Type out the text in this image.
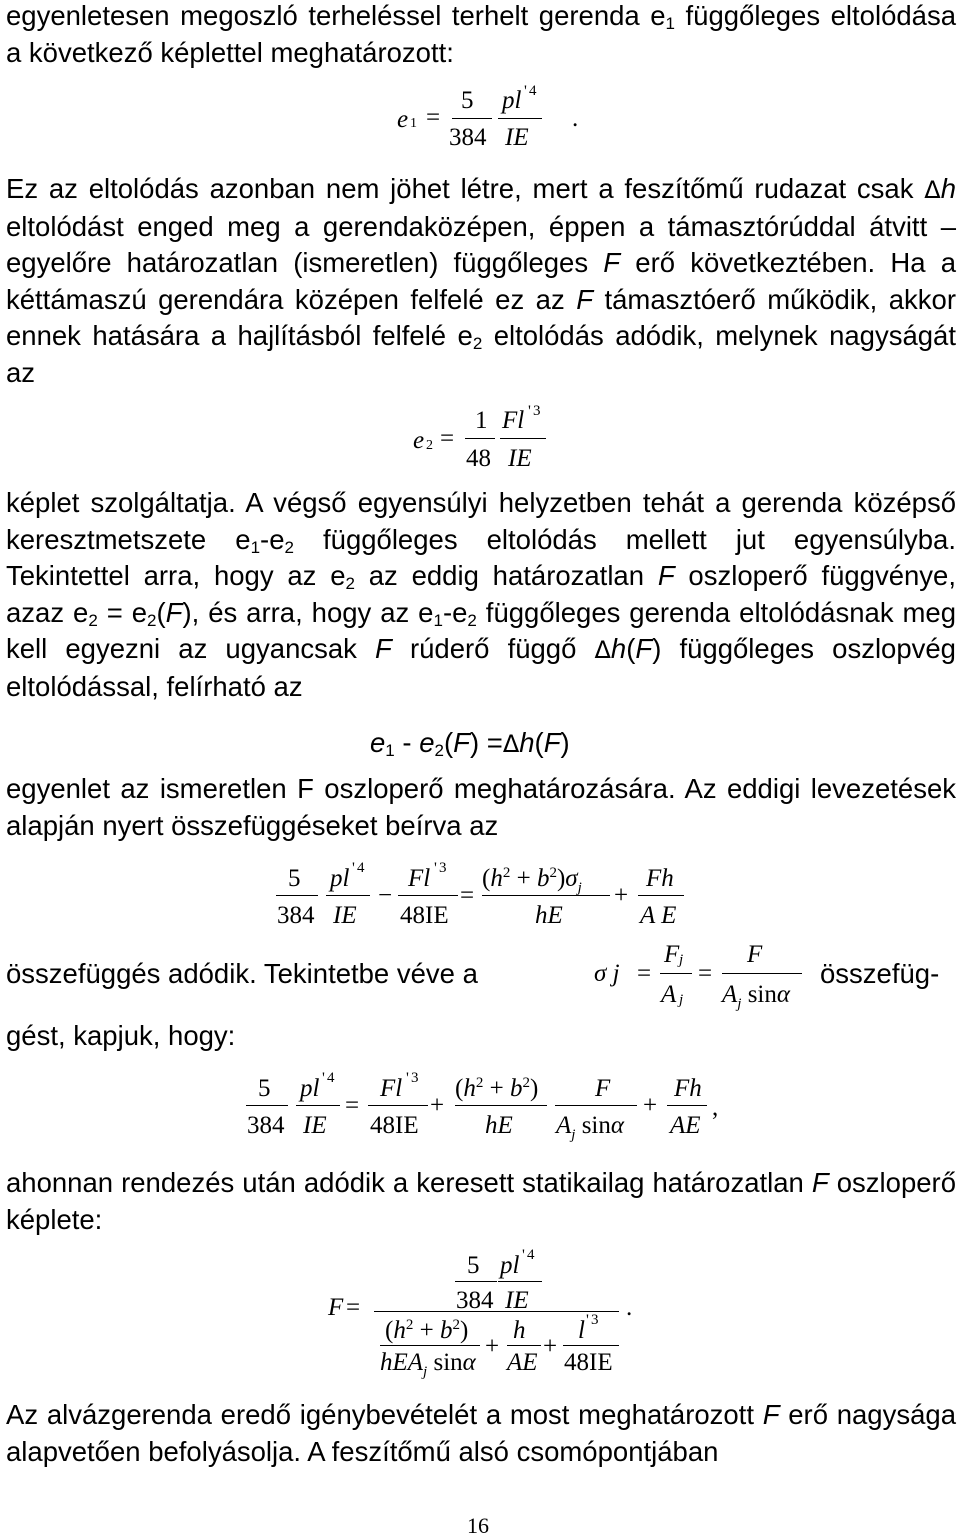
egyenletesen megoszló terheléssel terhelt gerenda $e_1$ függőleges eltolódása a következő képlettel meghatározott:

e 1 =
5
384
pl ' 4
IE
.

Ez az eltolódás azonban nem jöhet létre, mert a feszítőmű rudazat csak Δh eltolódást enged meg a gerendaközépen, éppen a támasztórúddal átvitt – egyelőre határozatlan (ismeretlen) függőleges F erő következtében. Ha a kéttámaszú gerendára középen felfelé ez az F támasztóerő működik, akkor ennek hatására a hajlításból felfelé $e_2$ eltolódás adódik, melynek nagyságát az

e 2 =
1
48
Fl ' 3
IE

képlet szolgáltatja. A végső egyensúlyi helyzetben tehát a gerenda középső keresztmetszete $e_1-e_2$ függőleges eltolódás mellett jut egyensúlyba. Tekintettel arra, hogy az $e_2$ az eddig határozatlan F oszloperő függvénye, azaz $e_2 = e_2(F)$, és arra, hogy az $e_1-e_2$ függőleges gerenda eltolódásnak meg kell egyezni az ugyancsak F rúderő függő Δh(F) függőleges oszlopvég eltolódással, felírható az

$e_1 - e_2(F) =\Delta h(F)$

egyenlet az ismeretlen F oszloperő meghatározására. Az eddigi levezetések alapján nyert összefüggéseket beírva az

5
384
pl ' 4
IE
−
Fl ' 3
48IE
=
$(h^2 + b^2)\sigma_j$
hE
+
Fh
A E
összefüggés adódik. Tekintetbe véve a	összefüg-
gést, kapjuk, hogy:
σ j =
F j
A j
=
F
$A_j$ sinα
5
384
pl ' 4
IE
=
Fl ' 3
48IE
+
$(h^2 + b^2)$
hE
F
$A_j$ sinα
+
Fh
AE
,

ahonnan rendezés után adódik a keresett statikailag határozatlan F oszloperő képlete:

F =
5
384
pl ' 4
IE
$(h^2 + b^2)$
hEA$_j$ sinα
+
h
AE
+
l ' 3
48IE
.

Az alvázgerenda eredő igénybevételét a most meghatározott F erő nagysága alapvetően befolyásolja. A feszítőmű alsó csomópontjában

16
